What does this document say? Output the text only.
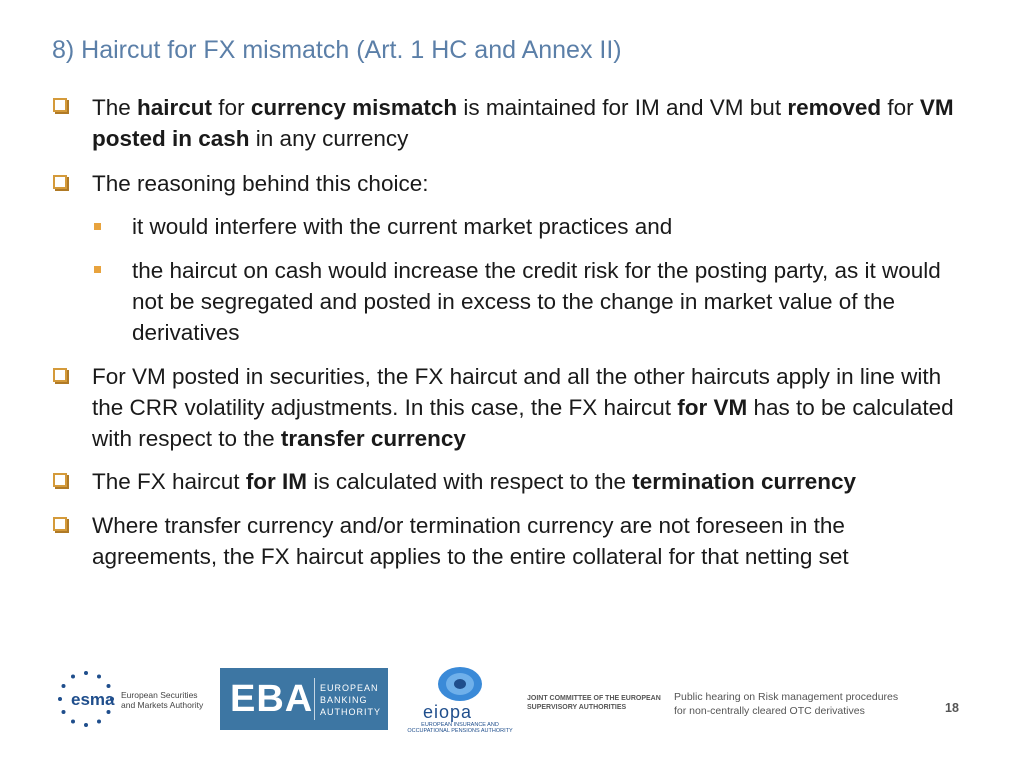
8) Haircut for FX mismatch (Art. 1 HC and Annex II)
The haircut for currency mismatch is maintained for IM and VM but removed for VM posted in cash in any currency
The reasoning behind this choice:
it would interfere with the current market practices and
the haircut on cash would increase the credit risk for the posting party, as it would not be segregated and posted in excess to the change in market value of the derivatives
For VM posted in securities, the FX haircut and all the other haircuts apply in line with the CRR volatility adjustments. In this case, the FX haircut for VM has to be calculated with respect to the transfer currency
The FX haircut for IM is calculated with respect to the termination currency
Where transfer currency and/or termination currency are not foreseen in the agreements, the FX haircut applies to the entire collateral for that netting set
esma European Securities and Markets Authority EBA EUROPEAN
BANKING
AUTHORITY eiopa
EUROPEAN INSURANCE AND OCCUPATIONAL PENSIONS AUTHORITY
JOINT COMMITTEE OF THE EUROPEAN SUPERVISORY AUTHORITIES
Public hearing on Risk management procedures
for non-centrally cleared OTC derivatives	18
